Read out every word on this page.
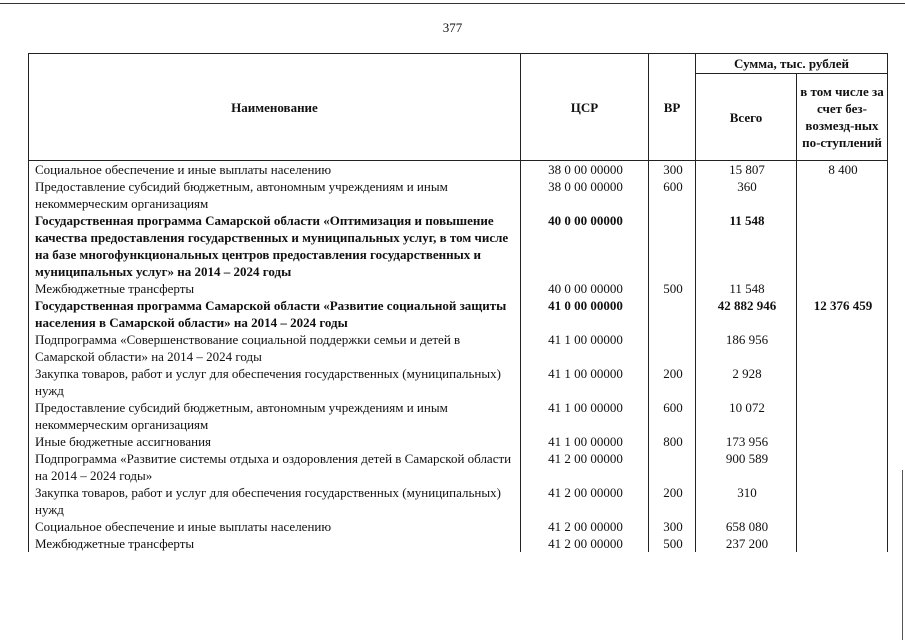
377
Наименование	ЦСР	ВР	Сумма, тыс. рублей	
			Всего	в том числе за счет без-возмезд-ных по-ступлений
Социальное обеспечение и иные выплаты населению	38 0 00 00000	300	15 807	8 400
Предоставление субсидий бюджетным, автономным учреждениям и иным некоммерческим организациям	38 0 00 00000	600	360	
Государственная программа Самарской области «Оптимизация и повышение качества предоставления государственных и муниципальных услуг, в том числе на базе многофункциональных центров предоставления государственных и муниципальных услуг» на 2014 – 2024 годы	40 0 00 00000		11 548	
Межбюджетные трансферты	40 0 00 00000	500	11 548	
Государственная программа Самарской области «Развитие социальной защиты населения в Самарской области» на 2014 – 2024 годы	41 0 00 00000		42 882 946	12 376 459
Подпрограмма «Совершенствование социальной поддержки семьи и детей в Самарской области» на 2014 – 2024 годы	41 1 00 00000		186 956	
Закупка товаров, работ и услуг для обеспечения государственных (муниципальных) нужд	41 1 00 00000	200	2 928	
Предоставление субсидий бюджетным, автономным учреждениям и иным некоммерческим организациям	41 1 00 00000	600	10 072	
Иные бюджетные ассигнования	41 1 00 00000	800	173 956	
Подпрограмма «Развитие системы отдыха и оздоровления детей в Самарской области на 2014 – 2024 годы»	41 2 00 00000		900 589	
Закупка товаров, работ и услуг для обеспечения государственных (муниципальных) нужд	41 2 00 00000	200	310	
Социальное обеспечение и иные выплаты населению	41 2 00 00000	300	658 080	
Межбюджетные трансферты	41 2 00 00000	500	237 200	
